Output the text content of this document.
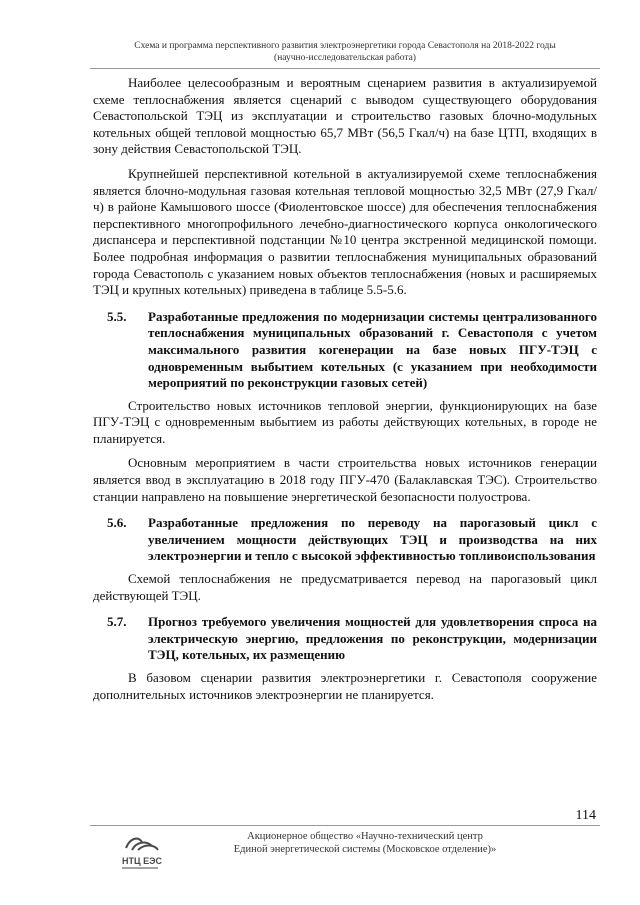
Схема и программа перспективного развития электроэнергетики города Севастополя на 2018-2022 годы
(научно-исследовательская работа)

Наиболее целесообразным и вероятным сценарием развития в актуализируемой схеме теплоснабжения является сценарий с выводом существующего оборудования Севастопольской ТЭЦ из эксплуатации и строительство газовых блочно-модульных котельных общей тепловой мощностью 65,7 МВт (56,5 Гкал/ч) на базе ЦТП, входящих в зону действия Севастопольской ТЭЦ.

Крупнейшей перспективной котельной в актуализируемой схеме теплоснабжения является блочно-модульная газовая котельная тепловой мощностью 32,5 МВт (27,9 Гкал/ч) в районе Камышового шоссе (Фиолентовское шоссе) для обеспечения теплоснабжения перспективного многопрофильного лечебно-диагностического корпуса онкологического диспансера и перспективной подстанции №10 центра экстренной медицинской помощи. Более подробная информация о развитии теплоснабжения муниципальных образований города Севастополь с указанием новых объектов теплоснабжения (новых и расширяемых ТЭЦ и крупных котельных) приведена в таблице 5.5-5.6.

5.5.	Разработанные предложения по модернизации системы централизованного теплоснабжения муниципальных образований г. Севастополя с учетом максимального развития когенерации на базе новых ПГУ-ТЭЦ с одновременным выбытием котельных (с указанием при необходимости мероприятий по реконструкции газовых сетей)

Строительство новых источников тепловой энергии, функционирующих на базе ПГУ-ТЭЦ с одновременным выбытием из работы действующих котельных, в городе не планируется.

Основным мероприятием в части строительства новых источников генерации является ввод в эксплуатацию в 2018 году ПГУ-470 (Балаклавская ТЭС). Строительство станции направлено на повышение энергетической безопасности полуострова.

5.6.	Разработанные предложения по переводу на парогазовый цикл с увеличением мощности действующих ТЭЦ и производства на них электроэнергии и тепло с высокой эффективностью топливоиспользования

Схемой теплоснабжения не предусматривается перевод на парогазовый цикл действующей ТЭЦ.

5.7.	Прогноз требуемого увеличения мощностей для удовлетворения спроса на электрическую энергию, предложения по реконструкции, модернизации ТЭЦ, котельных, их размещению

В базовом сценарии развития электроэнергетики г. Севастополя сооружение дополнительных источников электроэнергии не планируется.

114
НТЦ ЕЭС
Акционерное общество «Научно-технический центр
Единой энергетической системы (Московское отделение)»
